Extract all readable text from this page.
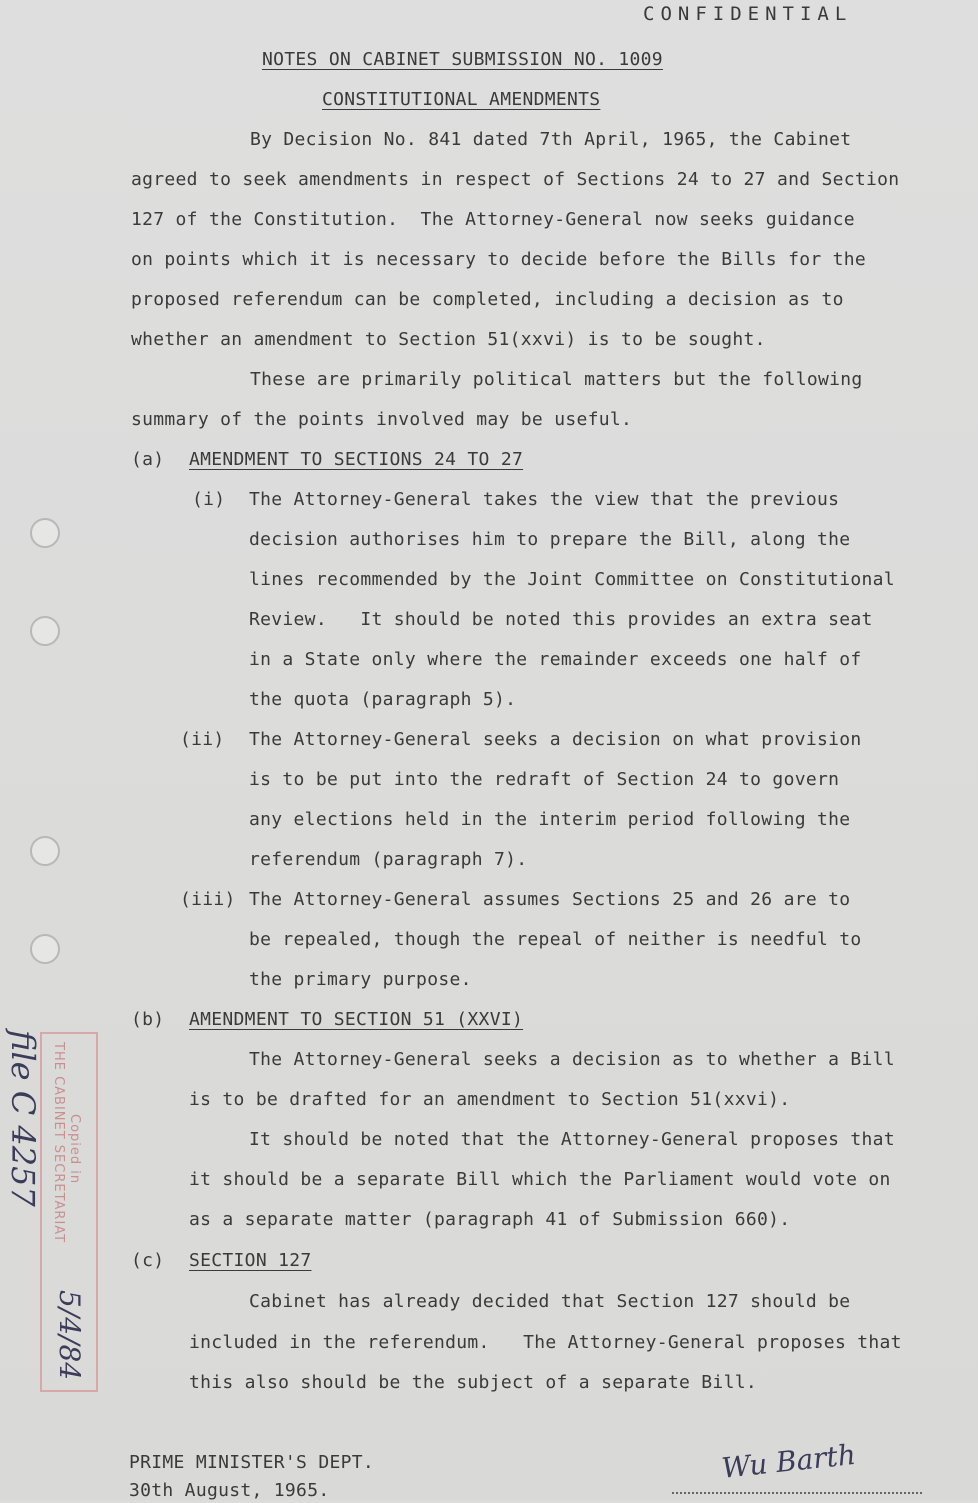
CONFIDENTIAL

NOTES ON CABINET SUBMISSION NO. 1009

CONSTITUTIONAL AMENDMENTS

By Decision No. 841 dated 7th April, 1965, the Cabinet

agreed to seek amendments in respect of Sections 24 to 27 and Section

127 of the Constitution.  The Attorney-General now seeks guidance

on points which it is necessary to decide before the Bills for the

proposed referendum can be completed, including a decision as to

whether an amendment to Section 51(xxvi) is to be sought.

These are primarily political matters but the following

summary of the points involved may be useful.

(a) AMENDMENT TO SECTIONS 24 TO 27

(i) The Attorney-General takes the view that the previous

decision authorises him to prepare the Bill, along the

lines recommended by the Joint Committee on Constitutional

Review.   It should be noted this provides an extra seat

in a State only where the remainder exceeds one half of

the quota (paragraph 5).

(ii) The Attorney-General seeks a decision on what provision

is to be put into the redraft of Section 24 to govern

any elections held in the interim period following the

referendum (paragraph 7).

(iii) The Attorney-General assumes Sections 25 and 26 are to

be repealed, though the repeal of neither is needful to

the primary purpose.

(b) AMENDMENT TO SECTION 51 (XXVI)

The Attorney-General seeks a decision as to whether a Bill

is to be drafted for an amendment to Section 51(xxvi).

It should be noted that the Attorney-General proposes that

it should be a separate Bill which the Parliament would vote on

as a separate matter (paragraph 41 of Submission 660).

(c) SECTION 127

Cabinet has already decided that Section 127 should be

included in the referendum.   The Attorney-General proposes that

this also should be the subject of a separate Bill.

PRIME MINISTER'S DEPT.

30th August, 1965.

Copied in
THE CABINET SECRETARIAT
5/4/84
file C 4257
Wu Barth
